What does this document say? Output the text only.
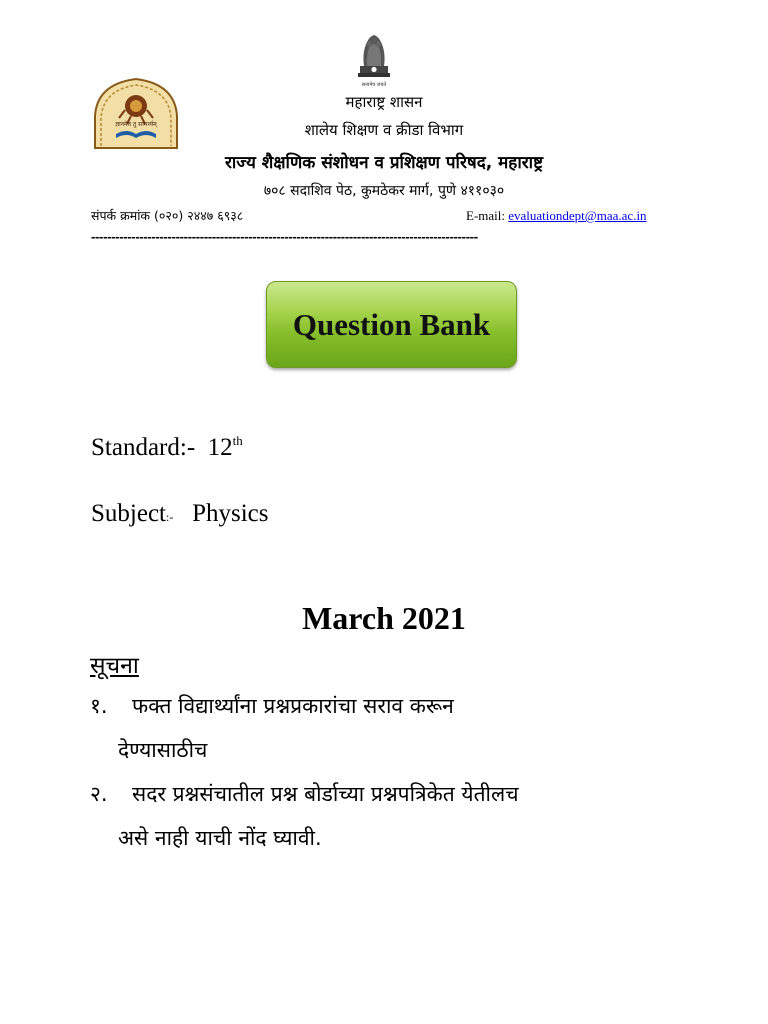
सत्यमेव जयते
ज्ञानमेव तु सामर्थ्यम्
महाराष्ट्र शासन
शालेय शिक्षण व क्रीडा विभाग
राज्य शैक्षणिक संशोधन व प्रशिक्षण परिषद, महाराष्ट्र
७०८ सदाशिव पेठ, कुमठेकर मार्ग, पुणे ४११०३०
संपर्क क्रमांक (०२०) २४४७ ६९३८	E-mail: evaluationdept@maa.ac.in
------------------------------------------------------------------------------------------------
Question Bank
Standard:- 12th
Subject:- Physics
March 2021
सूचना
१. फक्त विद्यार्थ्यांना प्रश्नप्रकारांचा सराव करून
देण्यासाठीच
२. सदर प्रश्नसंचातील प्रश्न बोर्डाच्या प्रश्नपत्रिकेत येतीलच
असे नाही याची नोंद घ्यावी.
